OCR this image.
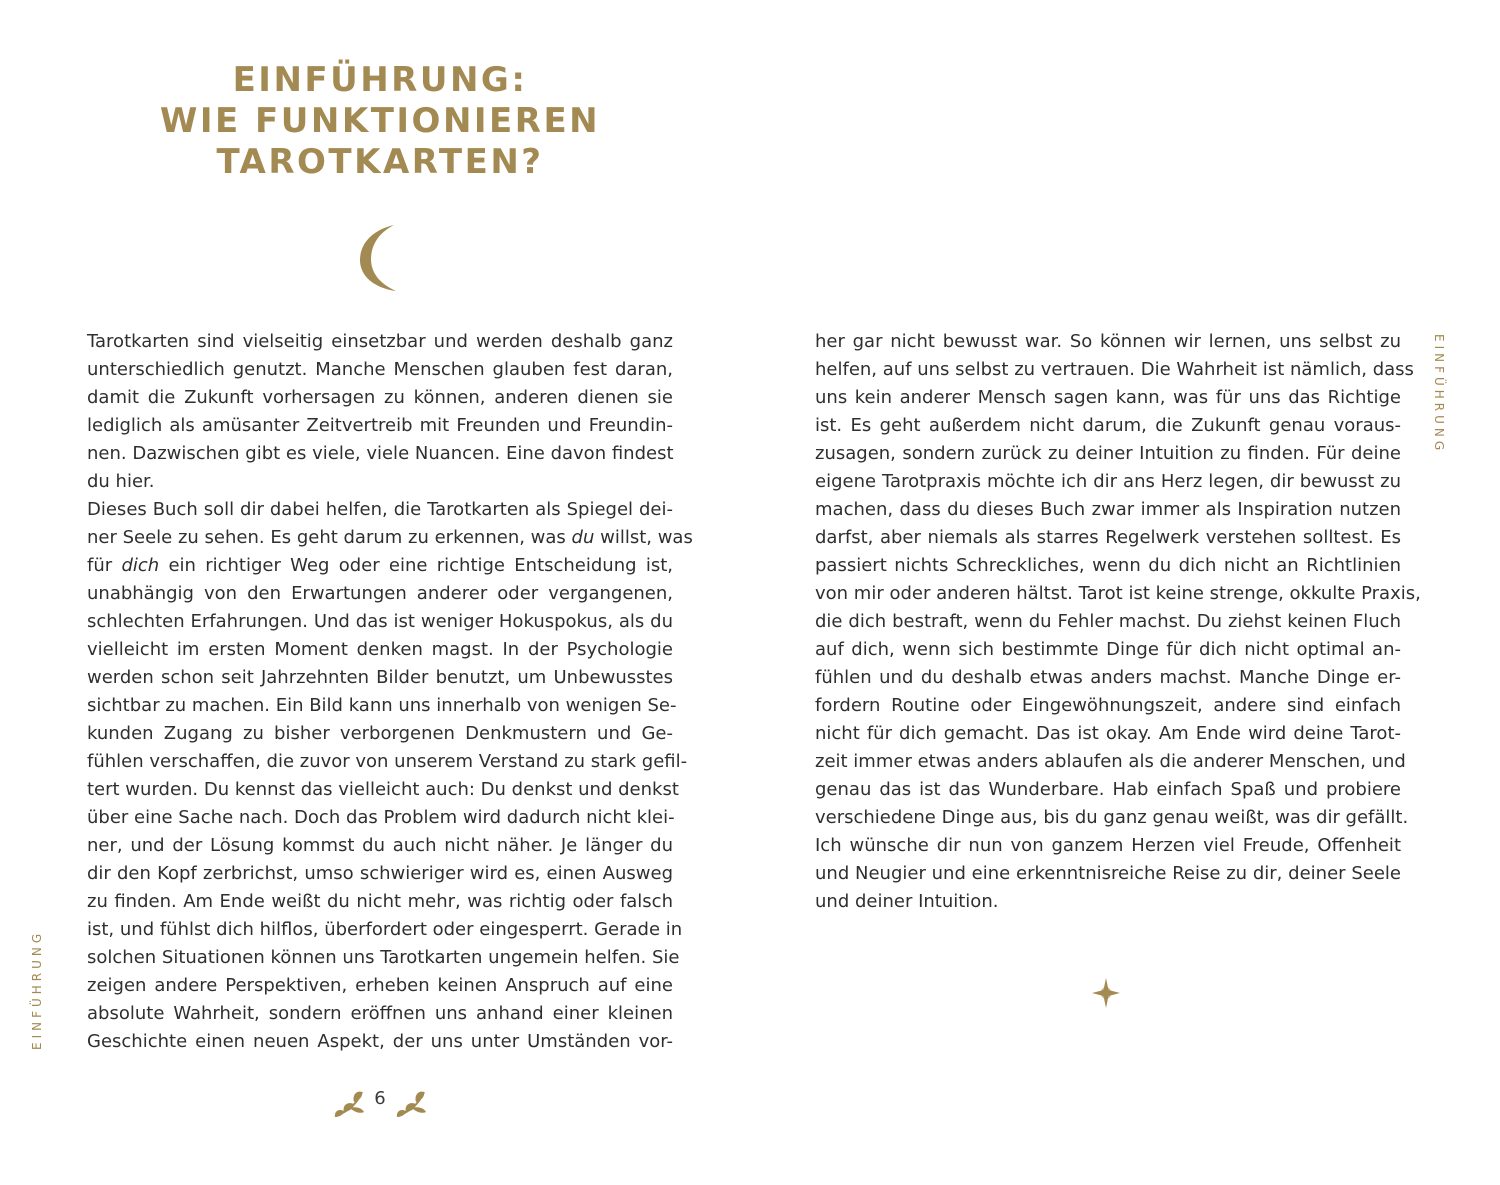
EINFÜHRUNG:
WIE FUNKTIONIEREN
TAROTKARTEN?
EINFÜHRUNG
EINFÜHRUNG
Tarotkarten sind vielseitig einsetzbar und werden deshalb ganz
unterschiedlich genutzt. Manche Menschen glauben fest daran,
damit die Zukunft vorhersagen zu können, anderen dienen sie
lediglich als amüsanter Zeitvertreib mit Freunden und Freundin-
nen. Dazwischen gibt es viele, viele Nuancen. Eine davon findest
du hier.
Dieses Buch soll dir dabei helfen, die Tarotkarten als Spiegel dei-
ner Seele zu sehen. Es geht darum zu erkennen, was du willst, was
für dich ein richtiger Weg oder eine richtige Entscheidung ist,
unabhängig von den Erwartungen anderer oder vergangenen,
schlechten Erfahrungen. Und das ist weniger Hokuspokus, als du
vielleicht im ersten Moment denken magst. In der Psychologie
werden schon seit Jahrzehnten Bilder benutzt, um Unbewusstes
sichtbar zu machen. Ein Bild kann uns innerhalb von wenigen Se-
kunden Zugang zu bisher verborgenen Denkmustern und Ge-
fühlen verschaffen, die zuvor von unserem Verstand zu stark gefil-
tert wurden. Du kennst das vielleicht auch: Du denkst und denkst
über eine Sache nach. Doch das Problem wird dadurch nicht klei-
ner, und der Lösung kommst du auch nicht näher. Je länger du
dir den Kopf zerbrichst, umso schwieriger wird es, einen Ausweg
zu finden. Am Ende weißt du nicht mehr, was richtig oder falsch
ist, und fühlst dich hilflos, überfordert oder eingesperrt. Gerade in
solchen Situationen können uns Tarotkarten ungemein helfen. Sie
zeigen andere Perspektiven, erheben keinen Anspruch auf eine
absolute Wahrheit, sondern eröffnen uns anhand einer kleinen
Geschichte einen neuen Aspekt, der uns unter Umständen vor-
her gar nicht bewusst war. So können wir lernen, uns selbst zu
helfen, auf uns selbst zu vertrauen. Die Wahrheit ist nämlich, dass
uns kein anderer Mensch sagen kann, was für uns das Richtige
ist. Es geht außerdem nicht darum, die Zukunft genau voraus-
zusagen, sondern zurück zu deiner Intuition zu finden. Für deine
eigene Tarotpraxis möchte ich dir ans Herz legen, dir bewusst zu
machen, dass du dieses Buch zwar immer als Inspiration nutzen
darfst, aber niemals als starres Regelwerk verstehen solltest. Es
passiert nichts Schreckliches, wenn du dich nicht an Richtlinien
von mir oder anderen hältst. Tarot ist keine strenge, okkulte Praxis,
die dich bestraft, wenn du Fehler machst. Du ziehst keinen Fluch
auf dich, wenn sich bestimmte Dinge für dich nicht optimal an-
fühlen und du deshalb etwas anders machst. Manche Dinge er-
fordern Routine oder Eingewöhnungszeit, andere sind einfach
nicht für dich gemacht. Das ist okay. Am Ende wird deine Tarot-
zeit immer etwas anders ablaufen als die anderer Menschen, und
genau das ist das Wunderbare. Hab einfach Spaß und probiere
verschiedene Dinge aus, bis du ganz genau weißt, was dir gefällt.
Ich wünsche dir nun von ganzem Herzen viel Freude, Offenheit
und Neugier und eine erkenntnisreiche Reise zu dir, deiner Seele
und deiner Intuition.
6
